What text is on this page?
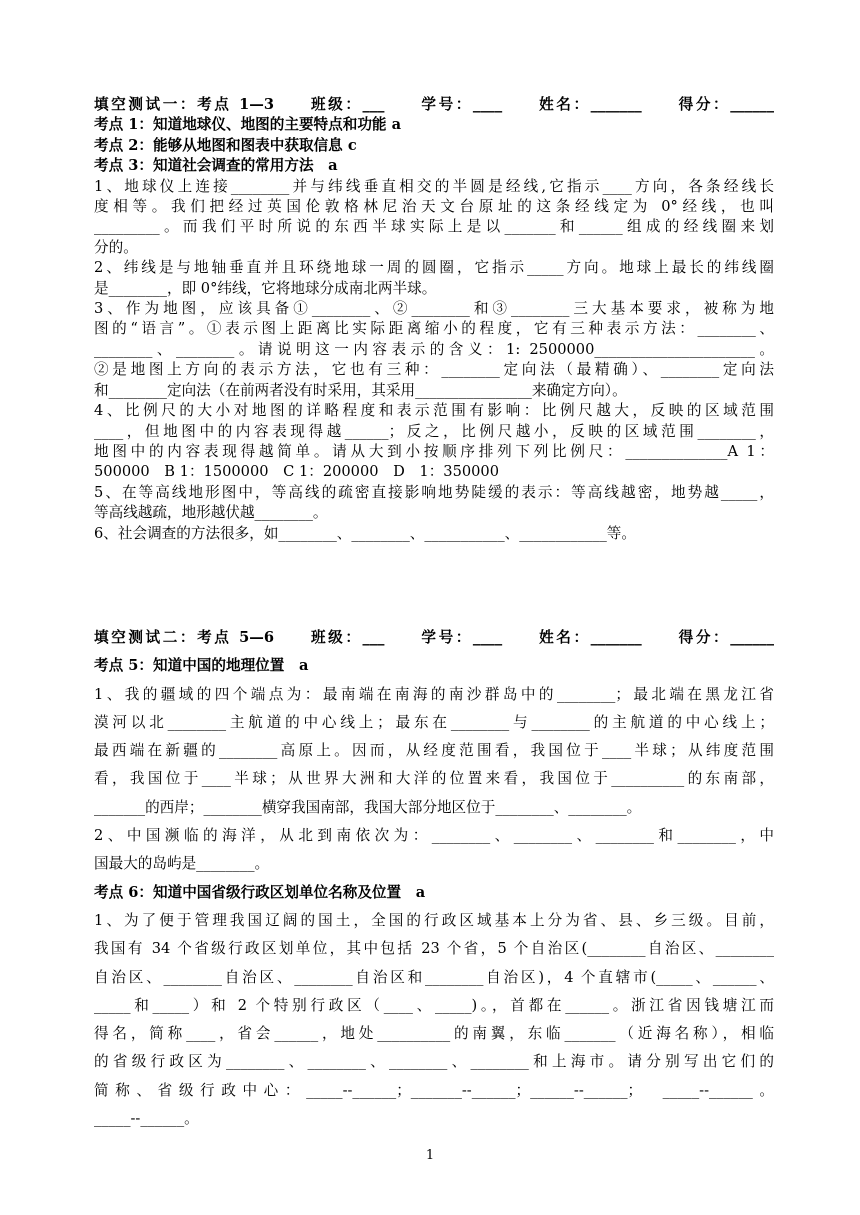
填空测试一：考点 1—3　　班级：___　　学号：____　　姓名：_______　　得分：______
考点 1：知道地球仪、地图的主要特点和功能 a
考点 2：能够从地图和图表中获取信息 c
考点 3：知道社会调查的常用方法　a
1、地球仪上连接________并与纬线垂直相交的半圆是经线,它指示____方向，各条经线长
度相等。我们把经过英国伦敦格林尼治天文台原址的这条经线定为 0°经线，也叫
_________。而我们平时所说的东西半球实际上是以_______和______组成的经线圈来划
分的。
2、纬线是与地轴垂直并且环绕地球一周的圆圈，它指示_____方向。地球上最长的纬线圈
是________，即 0°纬线，它将地球分成南北两半球。
3、作为地图，应该具备①________、②________和③________三大基本要求，被称为地
图的“语言”。①表示图上距离比实际距离缩小的程度，它有三种表示方法：________、
________、________。请说明这一内容表示的含义：1: 2500000______________________。
②是地图上方向的表示方法，它也有三种：________定向法（最精确）、________定向法
和________定向法（在前两者没有时采用，其采用________________来确定方向）。
4、比例尺的大小对地图的详略程度和表示范围有影响：比例尺越大，反映的区域范围
____，但地图中的内容表现得越______；反之，比例尺越小，反映的区域范围________，
地图中的内容表现得越简单。请从大到小按顺序排列下列比例尺：______________A 1：
500000　B 1：1500000　C 1：200000　D　1：350000
5、在等高线地形图中，等高线的疏密直接影响地势陡缓的表示：等高线越密，地势越_____，
等高线越疏，地形越伏越________。
6、社会调查的方法很多，如________、________、___________、____________等。
填空测试二：考点 5—6　　班级：___　　学号：____　　姓名：_______　　得分：______
考点 5：知道中国的地理位置　a
1、我的疆域的四个端点为：最南端在南海的南沙群岛中的________；最北端在黑龙江省
漠河以北________主航道的中心线上；最东在________与________的主航道的中心线上；
最西端在新疆的________高原上。因而，从经度范围看，我国位于____半球；从纬度范围
看，我国位于____半球；从世界大洲和大洋的位置来看，我国位于__________的东南部，
_______的西岸；________横穿我国南部，我国大部分地区位于________、________。
2、中国濒临的海洋，从北到南依次为：________、________、________和________，中
国最大的岛屿是________。
考点 6：知道中国省级行政区划单位名称及位置　a
1、为了便于管理我国辽阔的国土，全国的行政区域基本上分为省、县、乡三级。目前，
我国有 34 个省级行政区划单位，其中包括 23 个省，5 个自治区(________自治区、________
自治区、________自治区、________自治区和________自治区)，4 个直辖市(_____、______、
_____和_____）和 2 个特别行政区（____、_____)。，首都在______。浙江省因钱塘江而
得名，简称____，省会______，地处__________的南翼，东临_______（近海名称），相临
的省级行政区为________、________、________、________和上海市。请分别写出它们的
简称、省级行政中心：_____--______；_______--______；______--______；　_____--______。
_____--______。
1
